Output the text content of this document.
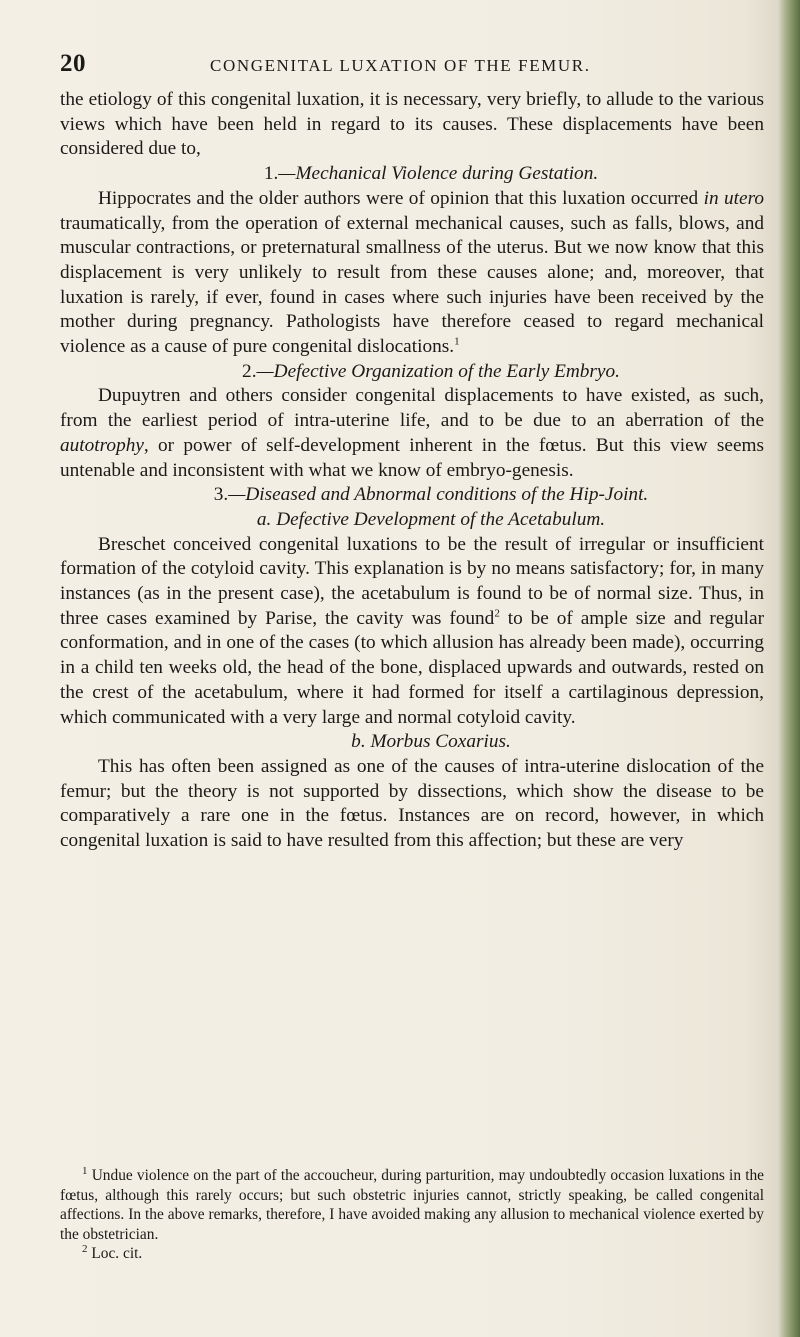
20	CONGENITAL LUXATION OF THE FEMUR.

the etiology of this congenital luxation, it is necessary, very briefly, to allude to the various views which have been held in regard to its causes. These displacements have been considered due to,

1.—Mechanical Violence during Gestation.

Hippocrates and the older authors were of opinion that this luxation occurred in utero traumatically, from the operation of external mechanical causes, such as falls, blows, and muscular contractions, or preternatural smallness of the uterus. But we now know that this displacement is very unlikely to result from these causes alone; and, moreover, that luxation is rarely, if ever, found in cases where such injuries have been received by the mother during pregnancy. Pathologists have therefore ceased to regard mechanical violence as a cause of pure congenital dislocations.$^1$

2.—Defective Organization of the Early Embryo.

Dupuytren and others consider congenital displacements to have existed, as such, from the earliest period of intra-uterine life, and to be due to an aberration of the autotrophy, or power of self-development inherent in the fœtus. But this view seems untenable and inconsistent with what we know of embryo-genesis.

3.—Diseased and Abnormal conditions of the Hip-Joint.

a. Defective Development of the Acetabulum.

Breschet conceived congenital luxations to be the result of irregular or insufficient formation of the cotyloid cavity. This explanation is by no means satisfactory; for, in many instances (as in the present case), the acetabulum is found to be of normal size. Thus, in three cases examined by Parise, the cavity was found$^2$ to be of ample size and regular conformation, and in one of the cases (to which allusion has already been made), occurring in a child ten weeks old, the head of the bone, displaced upwards and outwards, rested on the crest of the acetabulum, where it had formed for itself a cartilaginous depression, which communicated with a very large and normal cotyloid cavity.

b. Morbus Coxarius.

This has often been assigned as one of the causes of intra-uterine dislocation of the femur; but the theory is not supported by dissections, which show the disease to be comparatively a rare one in the fœtus. Instances are on record, however, in which congenital luxation is said to have resulted from this affection; but these are very

$^1$ Undue violence on the part of the accoucheur, during parturition, may undoubtedly occasion luxations in the fœtus, although this rarely occurs; but such obstetric injuries cannot, strictly speaking, be called congenital affections. In the above remarks, therefore, I have avoided making any allusion to mechanical violence exerted by the obstetrician.

$^2$ Loc. cit.
